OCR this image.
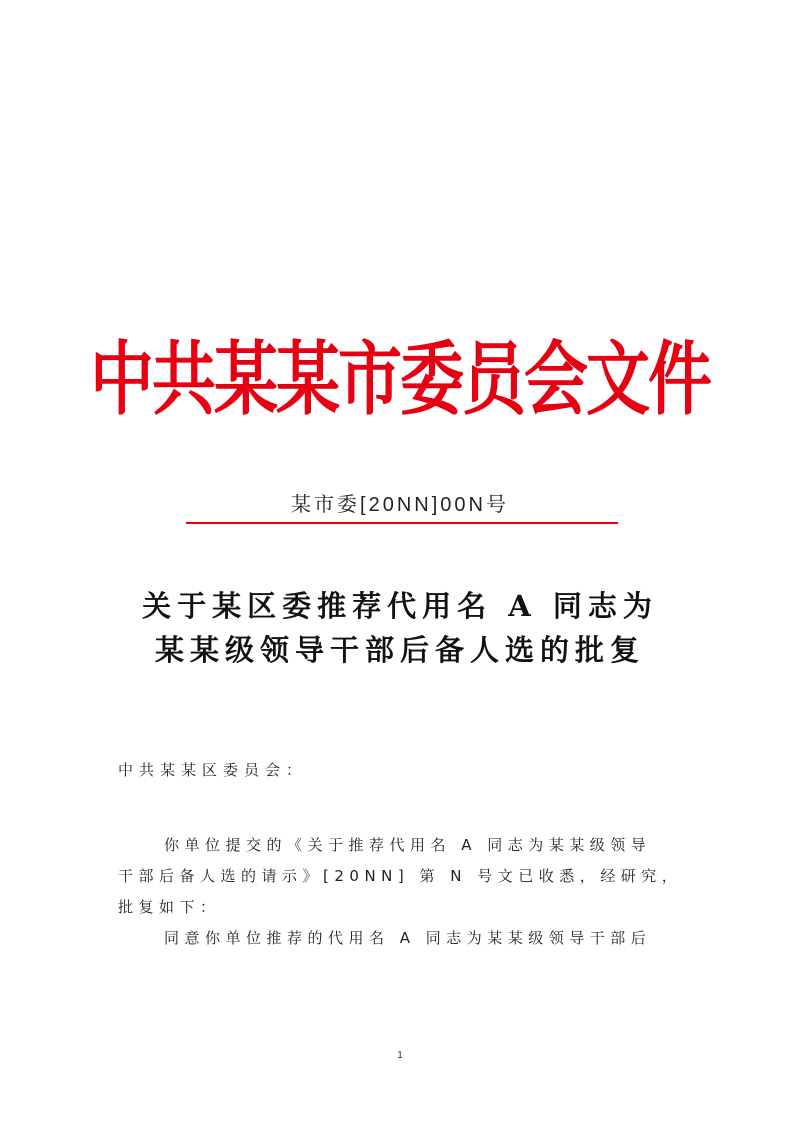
中共某某市委员会文件
某市委[20NN]00N号
关于某区委推荐代用名 A 同志为
某某级领导干部后备人选的批复
中共某某区委员会：
你单位提交的《关于推荐代用名 A 同志为某某级领导
干部后备人选的请示》[20NN] 第 N 号文已收悉，经研究，
批复如下：
同意你单位推荐的代用名 A 同志为某某级领导干部后
1
